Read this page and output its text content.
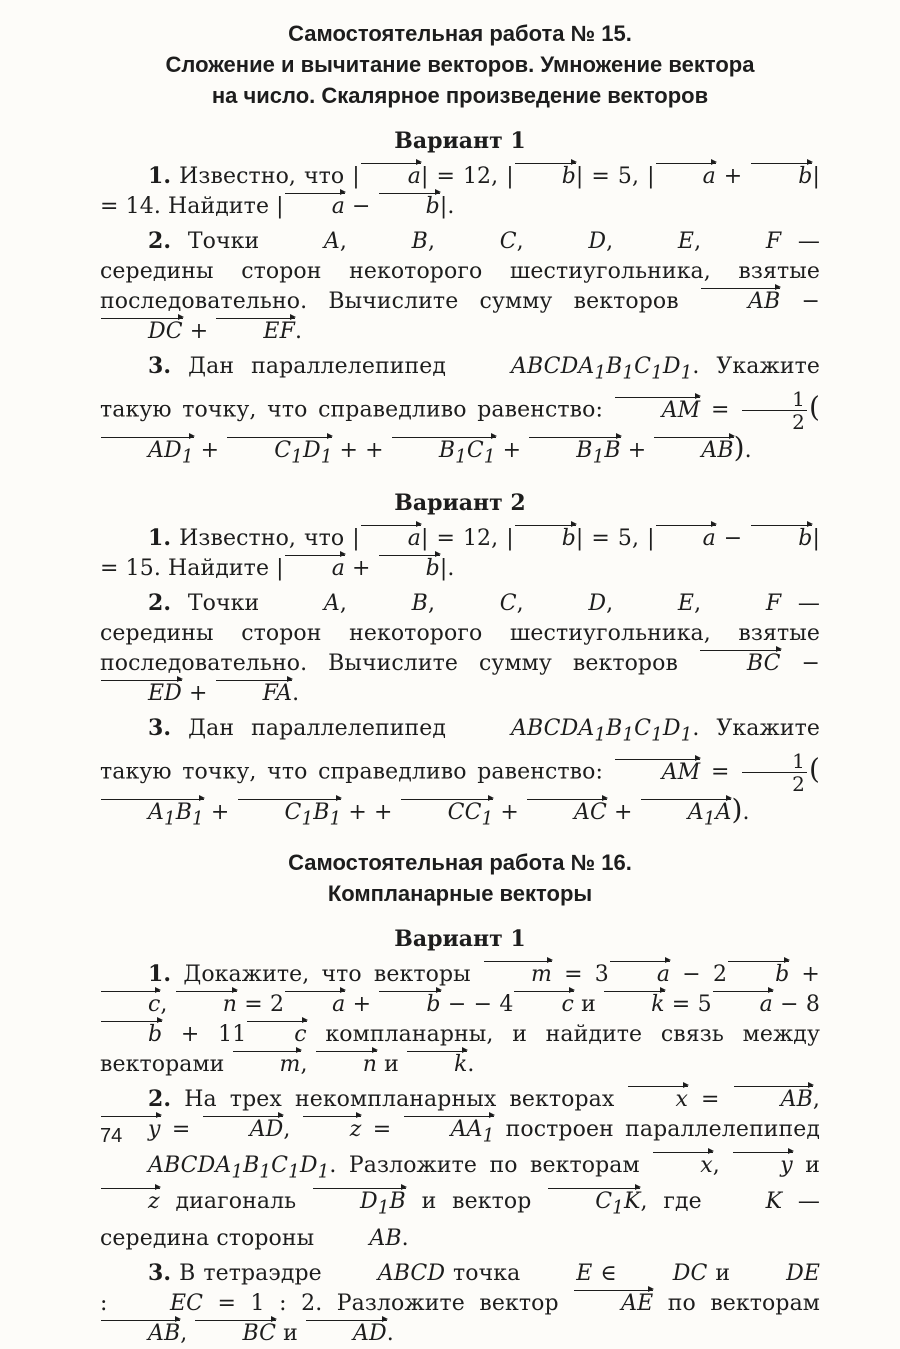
Самостоятельная работа № 15.
Сложение и вычитание векторов. Умножение вектора
на число. Скалярное произведение векторов
Вариант 1

1. Известно, что | a| = 12, | b| = 5, | a + b| = 14. Найдите | a − b|.

2. Точки A, B, C, D, E, F — середины сторон некоторого шестиугольника, взятые последовательно. Вычислите сумму векторов AB − DC + EF.

3. Дан параллелепипед $ABCDA_1B_1C_1D_1$. Укажите такую точку, что справедливо равенство: AM = $\frac{1}{2} (AD_1 + C_1D_1$ + + $B_1C_1 + B_1B + AB$).

Вариант 2

1. Известно, что | a| = 12, | b| = 5, | a − b| = 15. Найдите | a + b|.

2. Точки A, B, C, D, E, F — середины сторон некоторого шестиугольника, взятые последовательно. Вычислите сумму векторов BC − ED + FA.

3. Дан параллелепипед $ABCDA_1B_1C_1D_1$. Укажите такую точку, что справедливо равенство: AM = $\frac{1}{2} (A_1B_1 + C_1B_1$ + + $CC_1$ + AC + $A_1A$).

Самостоятельная работа № 16.
Компланарные векторы
Вариант 1

1. Докажите, что векторы m = 3 a − 2 b + c, n = 2 a + b − − 4 c и k = 5 a − 8b + 11 c компланарны, и найдите связь между векторами m, n и k.

2. На трех некомпланарных векторах x = AB, y = AD, $z = AA_1$ построен параллелепипед $ABCDA_1B_1C_1D_1$. Разложите по векторам x, y и z диагональ $D_1B$ и вектор $C_1K$, где K — середина стороны AB.

3. В тетраэдре ABCD точка E ∈ DC и DE : EC = 1 : 2. Разложите вектор AE по векторам AB, BC и AD.

74
